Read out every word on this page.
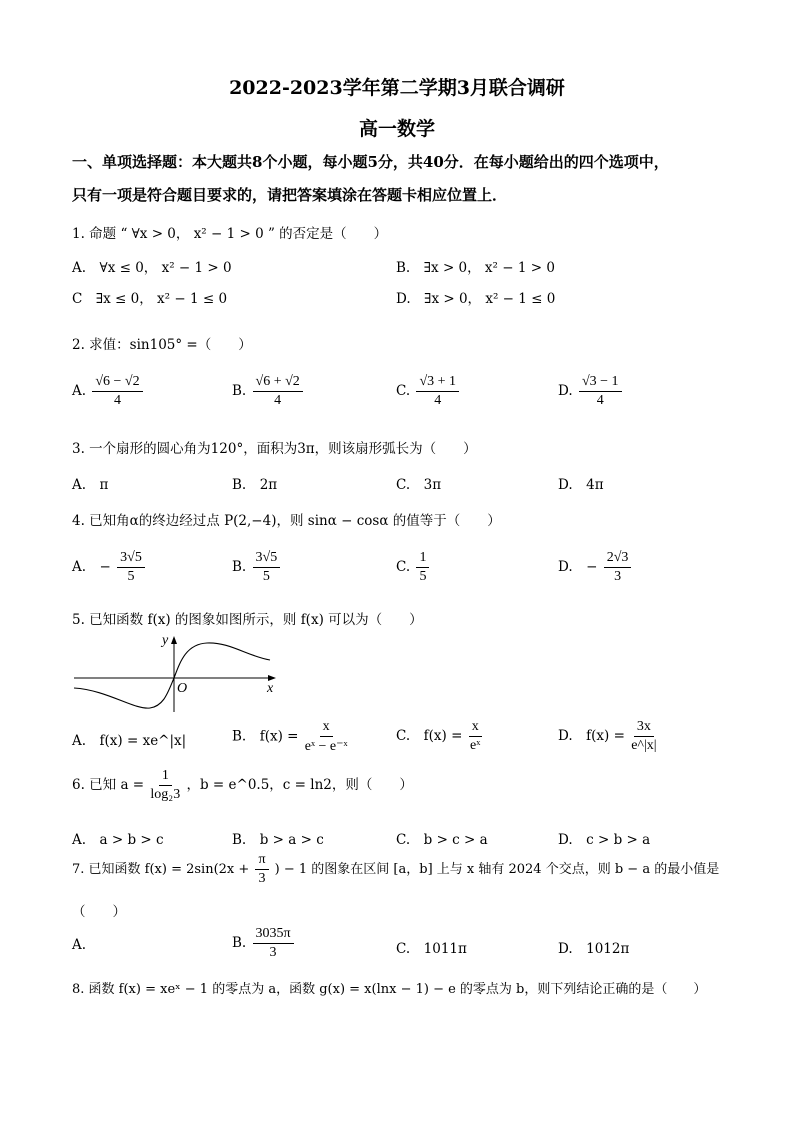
2022-2023学年第二学期3月联合调研
高一数学
一、单项选择题：本大题共8个小题，每小题5分，共40分．在每小题给出的四个选项中，
只有一项是符合题目要求的，请把答案填涂在答题卡相应位置上．
1. 命题 “ ∀x > 0， x² − 1 > 0 ” 的否定是（　　）
A.　∀x ≤ 0， x² − 1 > 0	B.　∃x > 0， x² − 1 > 0
C　∃x ≤ 0， x² − 1 ≤ 0	D.　∃x > 0， x² − 1 ≤ 0
2. 求值：sin105° =（　　）
A. $\frac{√6 - √2}{4}$	B. $\frac{√6 + √2}{4}$	C. $\frac{√3 + 1}{4}$	D. $\frac{√3 - 1}{4}$
3. 一个扇形的圆心角为120°，面积为3π，则该扇形弧长为（　　）
A.　π	B.　2π	C.　3π	D.　4π
4. 已知角α的终边经过点 P(2,−4)，则 sinα − cosα 的值等于（　　）
A.　− $\frac{3√5}{5}$	B. $\frac{3√5}{5}$	C. $\frac{1}{5}$	D.　− $\frac{2√3}{3}$
5. 已知函数 f(x) 的图象如图所示，则 f(x) 可以为（　　）
y
x
O
A.　f(x) = xe^|x|	B.　$f(x) = \frac{x}{\text{eˣ − e⁻ˣ}}$	C.　$f(x) = \frac{x}{\text{eˣ}}$	D.　$f(x) = \frac{3x}{e\^{}|x|}$
6. 已知 $a = \frac{1}{\text{log₂3}}$ ，b = e^0.5，c = ln2，则（　　）
A.　a > b > c	B.　b > a > c	C.　b > c > a	D.　c > b > a
7. 已知函数 $f(x) = 2\sin(2x + \frac{\pi}{3}$ ) − 1 的图象在区间 [a，b] 上与 x 轴有 2024 个交点，则 b − a 的最小值是
（　　）
A.	B. $\frac{3035\pi}{3}$	C.　1011π	D.　1012π
8. 函数 f(x) = xeˣ − 1 的零点为 a，函数 g(x) = x(lnx − 1) − e 的零点为 b，则下列结论正确的是（　　）
